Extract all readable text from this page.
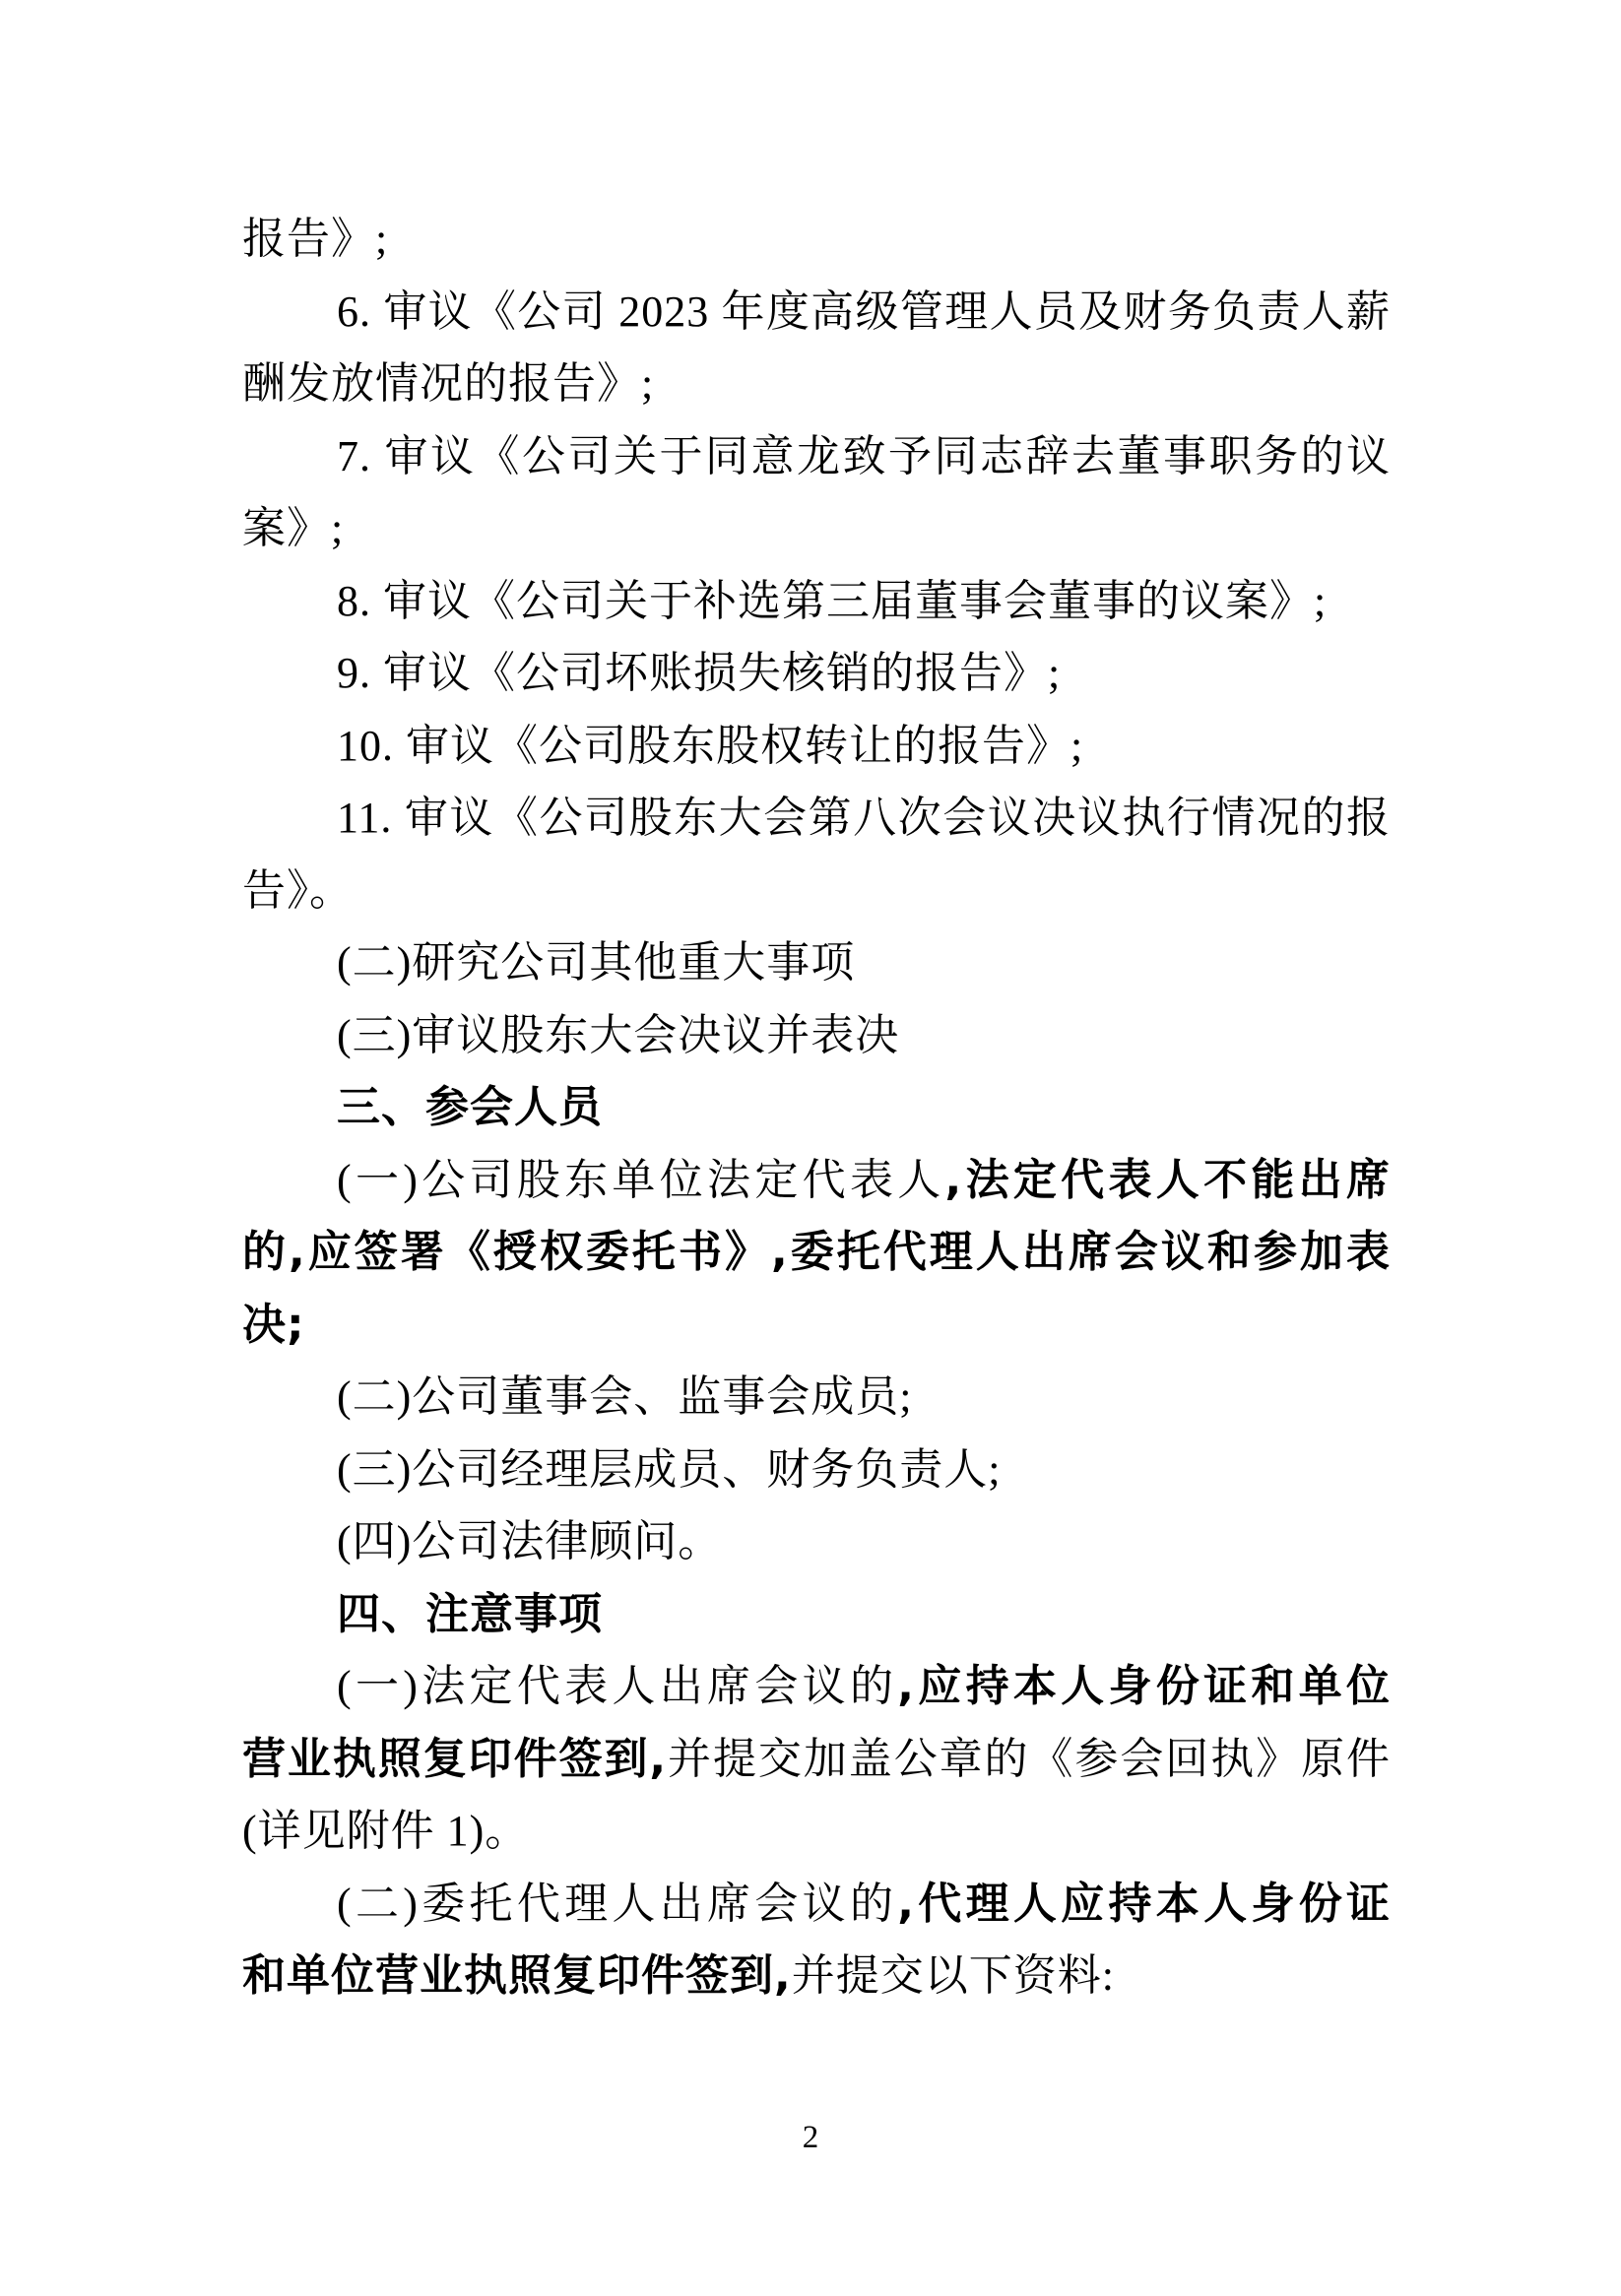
报告》;
6. 审议《公司 2023 年度高级管理人员及财务负责人薪
酬发放情况的报告》;
7. 审议《公司关于同意龙致予同志辞去董事职务的议
案》;
8. 审议《公司关于补选第三届董事会董事的议案》;
9. 审议《公司坏账损失核销的报告》;
10. 审议《公司股东股权转让的报告》;
11. 审议《公司股东大会第八次会议决议执行情况的报
告》。
(二)研究公司其他重大事项
(三)审议股东大会决议并表决
三、参会人员
(一)公司股东单位法定代表人,法定代表人不能出席
的,应签署《授权委托书》,委托代理人出席会议和参加表
决;
(二)公司董事会、监事会成员;
(三)公司经理层成员、财务负责人;
(四)公司法律顾问。
四、注意事项
(一)法定代表人出席会议的,应持本人身份证和单位
营业执照复印件签到,并提交加盖公章的《参会回执》原件
(详见附件 1)。
(二)委托代理人出席会议的,代理人应持本人身份证
和单位营业执照复印件签到,并提交以下资料:
2
